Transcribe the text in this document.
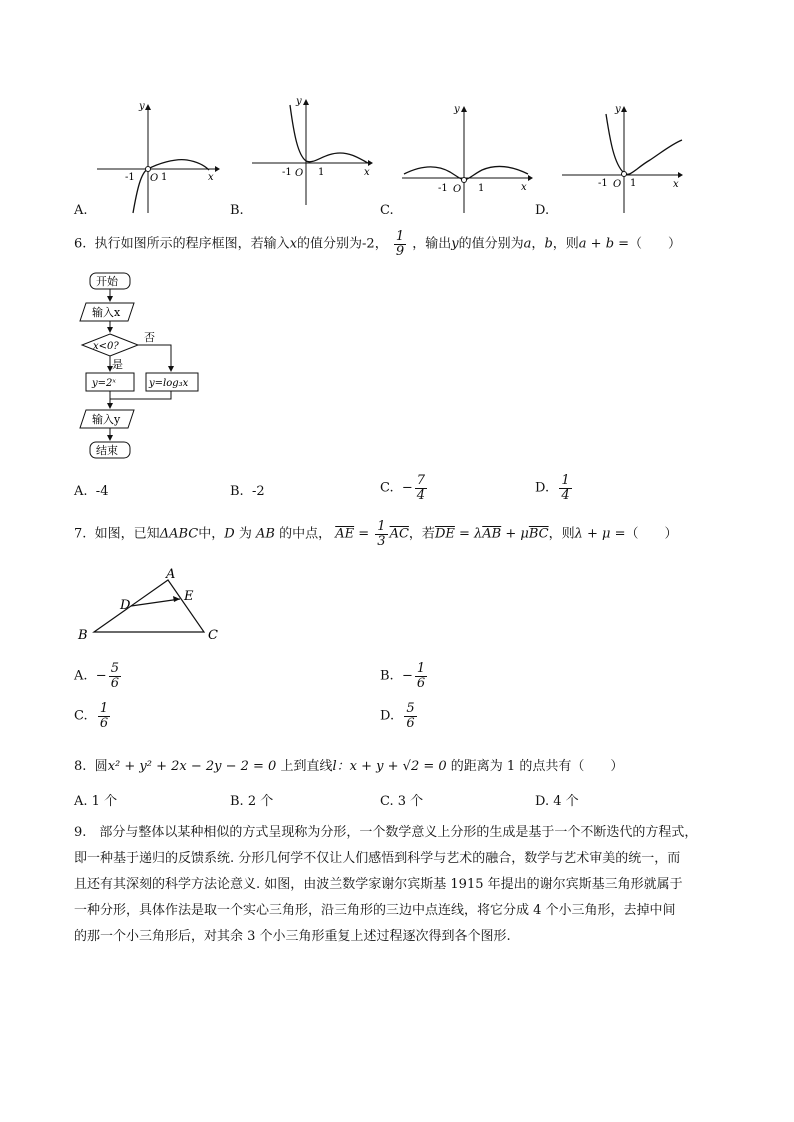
y
x
-1 O 1
A.
y
x
-1 O 1
B.
y
x
-1 O 1
C.
y
x
-1 O 1
D.
6. 执行如图所示的程序框图，若输入x的值分别为-2， $\frac{1}{9}$ ，输出y的值分别为a，b，则a + b =（　　）
开始
输入x
x<0?
否
是
y=2ˣ	y=log₃x
输入y
结束
A. -4	B. -2	C. − $\frac{7}{4}$	D. $\frac{1}{4}$
7. 如图，已知ΔABC中，D 为 AB 的中点， $\overline{AE} = \frac{1}{3} \overline{AC}$，若$\overline{DE} = \lambda\overline{AB} + \mu\overline{BC}$，则λ + μ =（　　）
A
E
D
B	C
A. − $\frac{5}{6}$	B. − $\frac{1}{6}$
C. $\frac{1}{6}$	D. $\frac{5}{6}$
8. 圆x² + y² + 2x − 2y − 2 = 0 上到直线l：x + y + √2 = 0 的距离为 1 的点共有（　　）
A. 1 个	B. 2 个	C. 3 个	D. 4 个
9.　部分与整体以某种相似的方式呈现称为分形，一个数学意义上分形的生成是基于一个不断迭代的方程式，
即一种基于递归的反馈系统. 分形几何学不仅让人们感悟到科学与艺术的融合，数学与艺术审美的统一，而
且还有其深刻的科学方法论意义. 如图，由波兰数学家谢尔宾斯基 1915 年提出的谢尔宾斯基三角形就属于
一种分形，具体作法是取一个实心三角形，沿三角形的三边中点连线，将它分成 4 个小三角形，去掉中间
的那一个小三角形后，对其余 3 个小三角形重复上述过程逐次得到各个图形.
